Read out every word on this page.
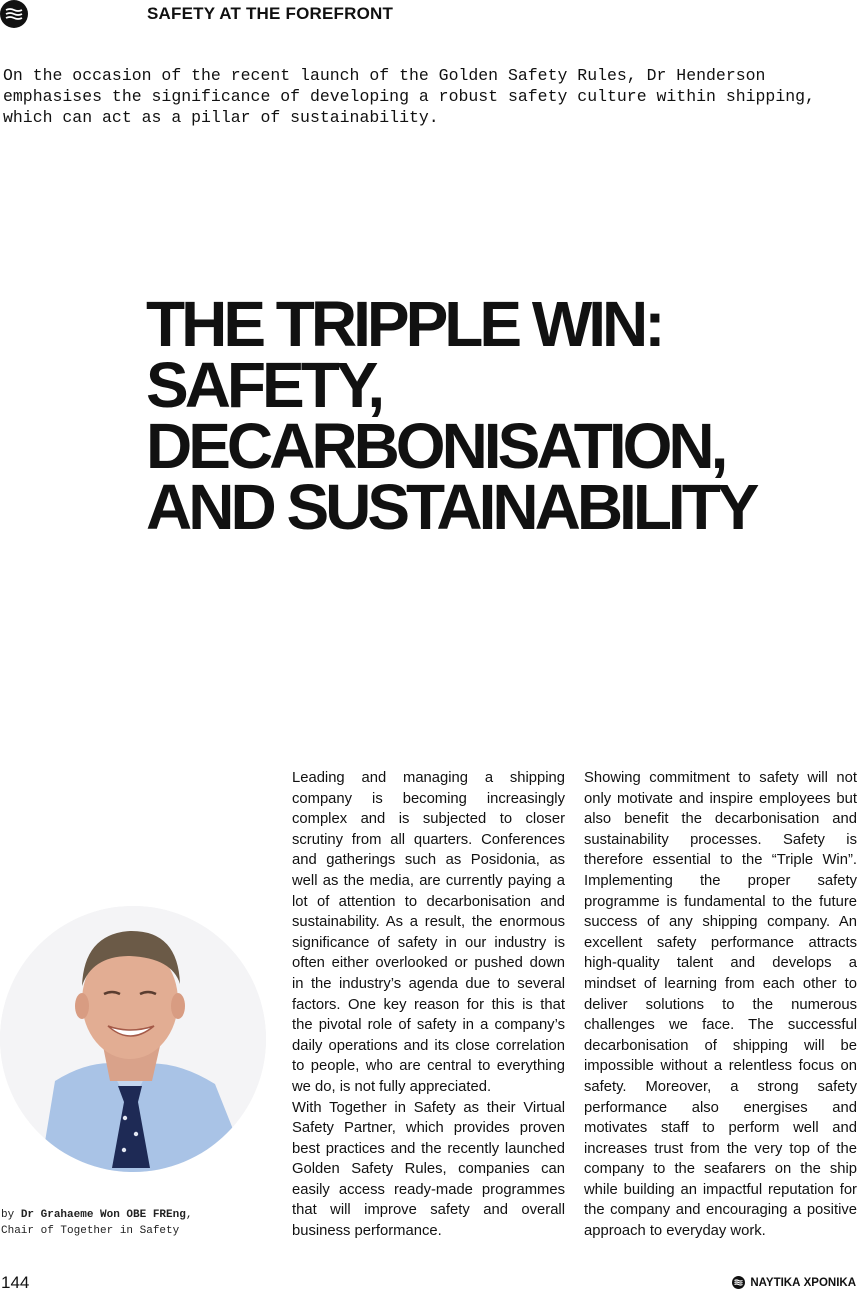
SAFETY AT THE FOREFRONT
On the occasion of the recent launch of the Golden Safety Rules, Dr Henderson emphasises the significance of developing a robust safety culture within shipping, which can act as a pillar of sustainability.
THE TRIPPLE WIN:
SAFETY,
DECARBONISATION,
AND SUSTAINABILITY
by Dr Grahaeme Won OBE FREng,
Chair of Together in Safety

Leading and managing a shipping company is becoming increasingly complex and is subjected to closer scrutiny from all quarters. Conferences and gatherings such as Posidonia, as well as the media, are currently paying a lot of attention to decarbonisation and sustainability. As a result, the enormous significance of safety in our industry is often either overlooked or pushed down in the industry’s agenda due to several factors. One key reason for this is that the pivotal role of safety in a company’s daily operations and its close correlation to people, who are central to everything we do, is not fully appreciated.

With Together in Safety as their Virtual Safety Partner, which provides proven best practices and the recently launched Golden Safety Rules, companies can easily access ready-made programmes that will improve safety and overall business performance.

Showing commitment to safety will not only motivate and inspire employees but also benefit the decarbonisation and sustainability processes. Safety is therefore essential to the “Triple Win”. Implementing the proper safety programme is fundamental to the future success of any shipping company. An excellent safety performance attracts high-quality talent and develops a mindset of learning from each other to deliver solutions to the numerous challenges we face. The successful decarbonisation of shipping will be impossible without a relentless focus on safety. Moreover, a strong safety performance also energises and motivates staff to perform well and increases trust from the very top of the company to the seafarers on the ship while building an impactful reputation for the company and encouraging a positive approach to everyday work.

144	ΝΑΥΤΙΚΑ ΧΡΟΝΙΚΑ
